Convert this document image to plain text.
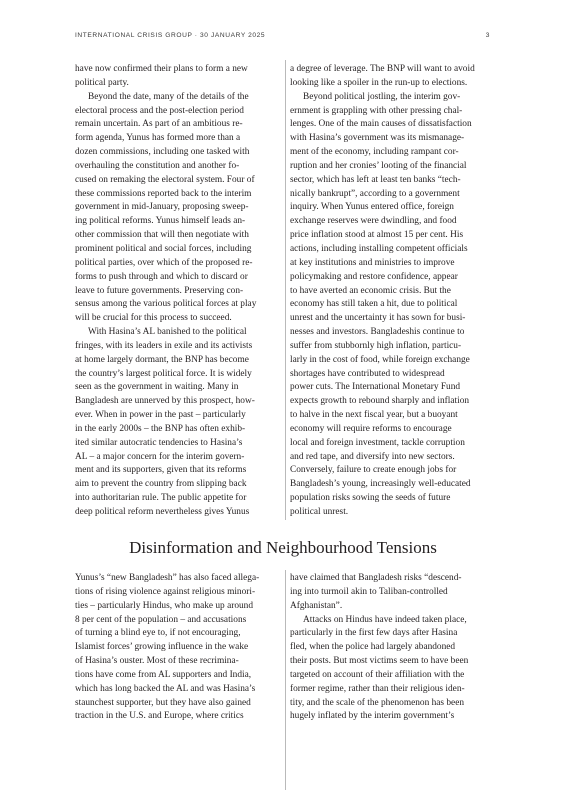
INTERNATIONAL CRISIS GROUP · 30 JANUARY 2025	3

have now confirmed their plans to form a new
political party.

Beyond the date, many of the details of the
electoral process and the post-election period
remain uncertain. As part of an ambitious re-
form agenda, Yunus has formed more than a
dozen commissions, including one tasked with
overhauling the constitution and another fo-
cused on remaking the electoral system. Four of
these commissions reported back to the interim
government in mid-January, proposing sweep-
ing political reforms. Yunus himself leads an-
other commission that will then negotiate with
prominent political and social forces, including
political parties, over which of the proposed re-
forms to push through and which to discard or
leave to future governments. Preserving con-
sensus among the various political forces at play
will be crucial for this process to succeed.

With Hasina’s AL banished to the political
fringes, with its leaders in exile and its activists
at home largely dormant, the BNP has become
the country’s largest political force. It is widely
seen as the government in waiting. Many in
Bangladesh are unnerved by this prospect, how-
ever. When in power in the past – particularly
in the early 2000s – the BNP has often exhib-
ited similar autocratic tendencies to Hasina’s
AL – a major concern for the interim govern-
ment and its supporters, given that its reforms
aim to prevent the country from slipping back
into authoritarian rule. The public appetite for
deep political reform nevertheless gives Yunus

a degree of leverage. The BNP will want to avoid
looking like a spoiler in the run-up to elections.

Beyond political jostling, the interim gov-
ernment is grappling with other pressing chal-
lenges. One of the main causes of dissatisfaction
with Hasina’s government was its mismanage-
ment of the economy, including rampant cor-
ruption and her cronies’ looting of the financial
sector, which has left at least ten banks “tech-
nically bankrupt”, according to a government
inquiry. When Yunus entered office, foreign
exchange reserves were dwindling, and food
price inflation stood at almost 15 per cent. His
actions, including installing competent officials
at key institutions and ministries to improve
policymaking and restore confidence, appear
to have averted an economic crisis. But the
economy has still taken a hit, due to political
unrest and the uncertainty it has sown for busi-
nesses and investors. Bangladeshis continue to
suffer from stubbornly high inflation, particu-
larly in the cost of food, while foreign exchange
shortages have contributed to widespread
power cuts. The International Monetary Fund
expects growth to rebound sharply and inflation
to halve in the next fiscal year, but a buoyant
economy will require reforms to encourage
local and foreign investment, tackle corruption
and red tape, and diversify into new sectors.
Conversely, failure to create enough jobs for
Bangladesh’s young, increasingly well-educated
population risks sowing the seeds of future
political unrest.

Disinformation and Neighbourhood Tensions

Yunus’s “new Bangladesh” has also faced allega-
tions of rising violence against religious minori-
ties – particularly Hindus, who make up around
8 per cent of the population – and accusations
of turning a blind eye to, if not encouraging,
Islamist forces’ growing influence in the wake
of Hasina’s ouster. Most of these recrimina-
tions have come from AL supporters and India,
which has long backed the AL and was Hasina’s
staunchest supporter, but they have also gained
traction in the U.S. and Europe, where critics

have claimed that Bangladesh risks “descend-
ing into turmoil akin to Taliban-controlled
Afghanistan”.

Attacks on Hindus have indeed taken place,
particularly in the first few days after Hasina
fled, when the police had largely abandoned
their posts. But most victims seem to have been
targeted on account of their affiliation with the
former regime, rather than their religious iden-
tity, and the scale of the phenomenon has been
hugely inflated by the interim government’s
